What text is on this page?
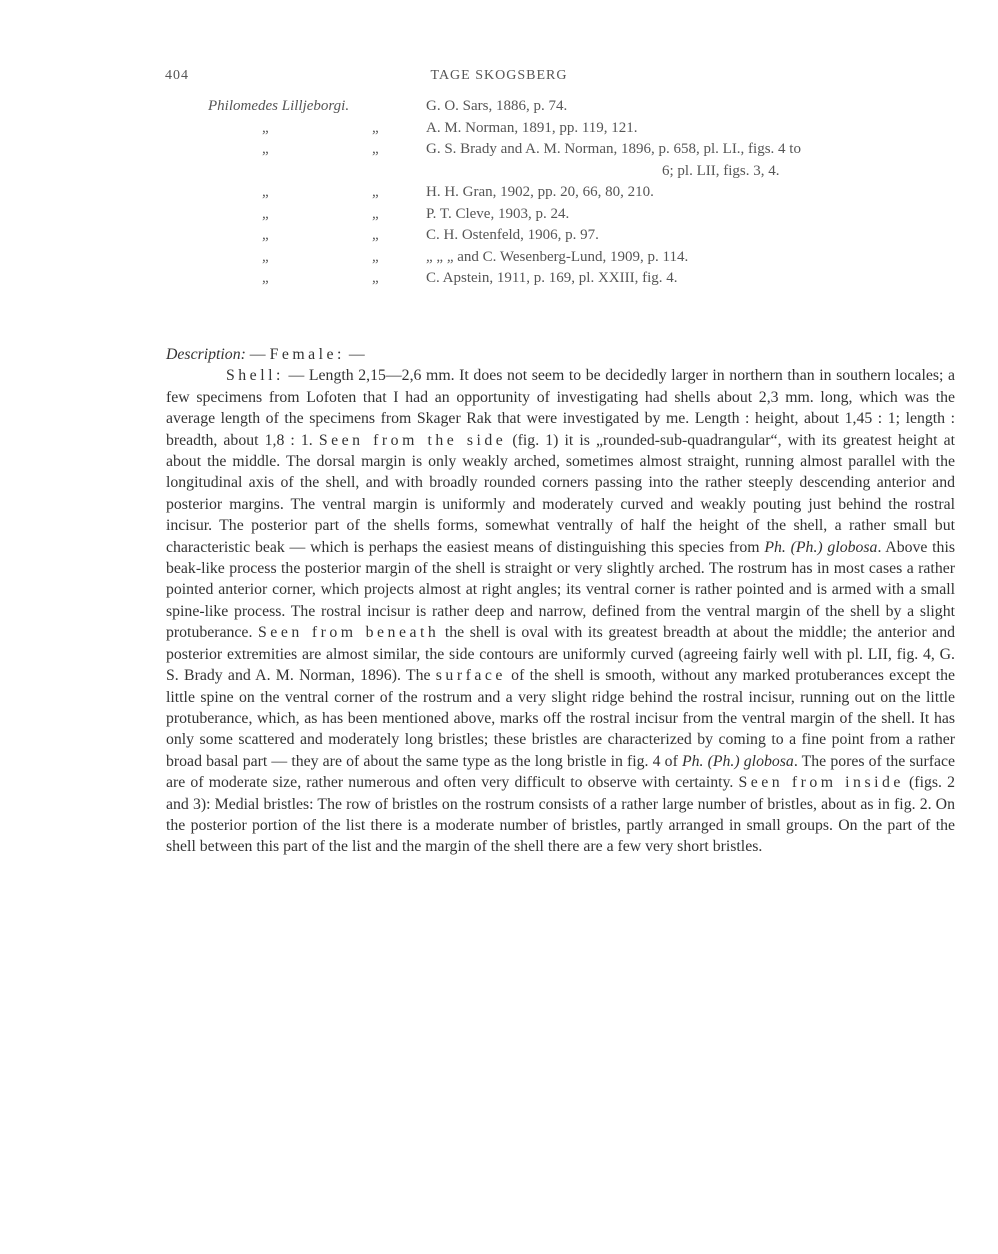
404	TAGE SKOGSBERG
Philomedes Lilljeborgi.	G. O. Sars, 1886, p. 74.
„	„	A. M. Norman, 1891, pp. 119, 121.
„	„	G. S. Brady and A. M. Norman, 1896, p. 658, pl. LI., figs. 4 to
6; pl. LII, figs. 3, 4.
„	„	H. H. Gran, 1902, pp. 20, 66, 80, 210.
„	„	P. T. Cleve, 1903, p. 24.
„	„	C. H. Ostenfeld, 1906, p. 97.
„	„	„ „ „ and C. Wesenberg-Lund, 1909, p. 114.
„	„	C. Apstein, 1911, p. 169, pl. XXIII, fig. 4.

Description: — Female: —

Shell: — Length 2,15—2,6 mm. It does not seem to be decidedly larger in northern than in southern locales; a few specimens from Lofoten that I had an opportunity of investigating had shells about 2,3 mm. long, which was the average length of the specimens from Skager Rak that were investigated by me. Length : height, about 1,45 : 1; length : breadth, about 1,8 : 1. Seen from the side (fig. 1) it is „rounded-sub-quadrangular“, with its greatest height at about the middle. The dorsal margin is only weakly arched, sometimes almost straight, running almost parallel with the longitudinal axis of the shell, and with broadly rounded corners passing into the rather steeply descending anterior and posterior margins. The ventral margin is uniformly and moderately curved and weakly pouting just behind the rostral incisur. The posterior part of the shells forms, somewhat ventrally of half the height of the shell, a rather small but characteristic beak — which is perhaps the easiest means of distinguishing this species from Ph. (Ph.) globosa. Above this beak-like process the posterior margin of the shell is straight or very slightly arched. The rostrum has in most cases a rather pointed anterior corner, which projects almost at right angles; its ventral corner is rather pointed and is armed with a small spine-like process. The rostral incisur is rather deep and narrow, defined from the ventral margin of the shell by a slight protuberance. Seen from beneath the shell is oval with its greatest breadth at about the middle; the anterior and posterior extremities are almost similar, the side contours are uniformly curved (agreeing fairly well with pl. LII, fig. 4, G. S. Brady and A. M. Norman, 1896). The surface of the shell is smooth, without any marked protuberances except the little spine on the ventral corner of the rostrum and a very slight ridge behind the rostral incisur, running out on the little protuberance, which, as has been mentioned above, marks off the rostral incisur from the ventral margin of the shell. It has only some scattered and moderately long bristles; these bristles are characterized by coming to a fine point from a rather broad basal part — they are of about the same type as the long bristle in fig. 4 of Ph. (Ph.) globosa. The pores of the surface are of moderate size, rather numerous and often very difficult to observe with certainty. Seen from inside (figs. 2 and 3): Medial bristles: The row of bristles on the rostrum consists of a rather large number of bristles, about as in fig. 2. On the posterior portion of the list there is a moderate number of bristles, partly arranged in small groups. On the part of the shell between this part of the list and the margin of the shell there are a few very short bristles.
